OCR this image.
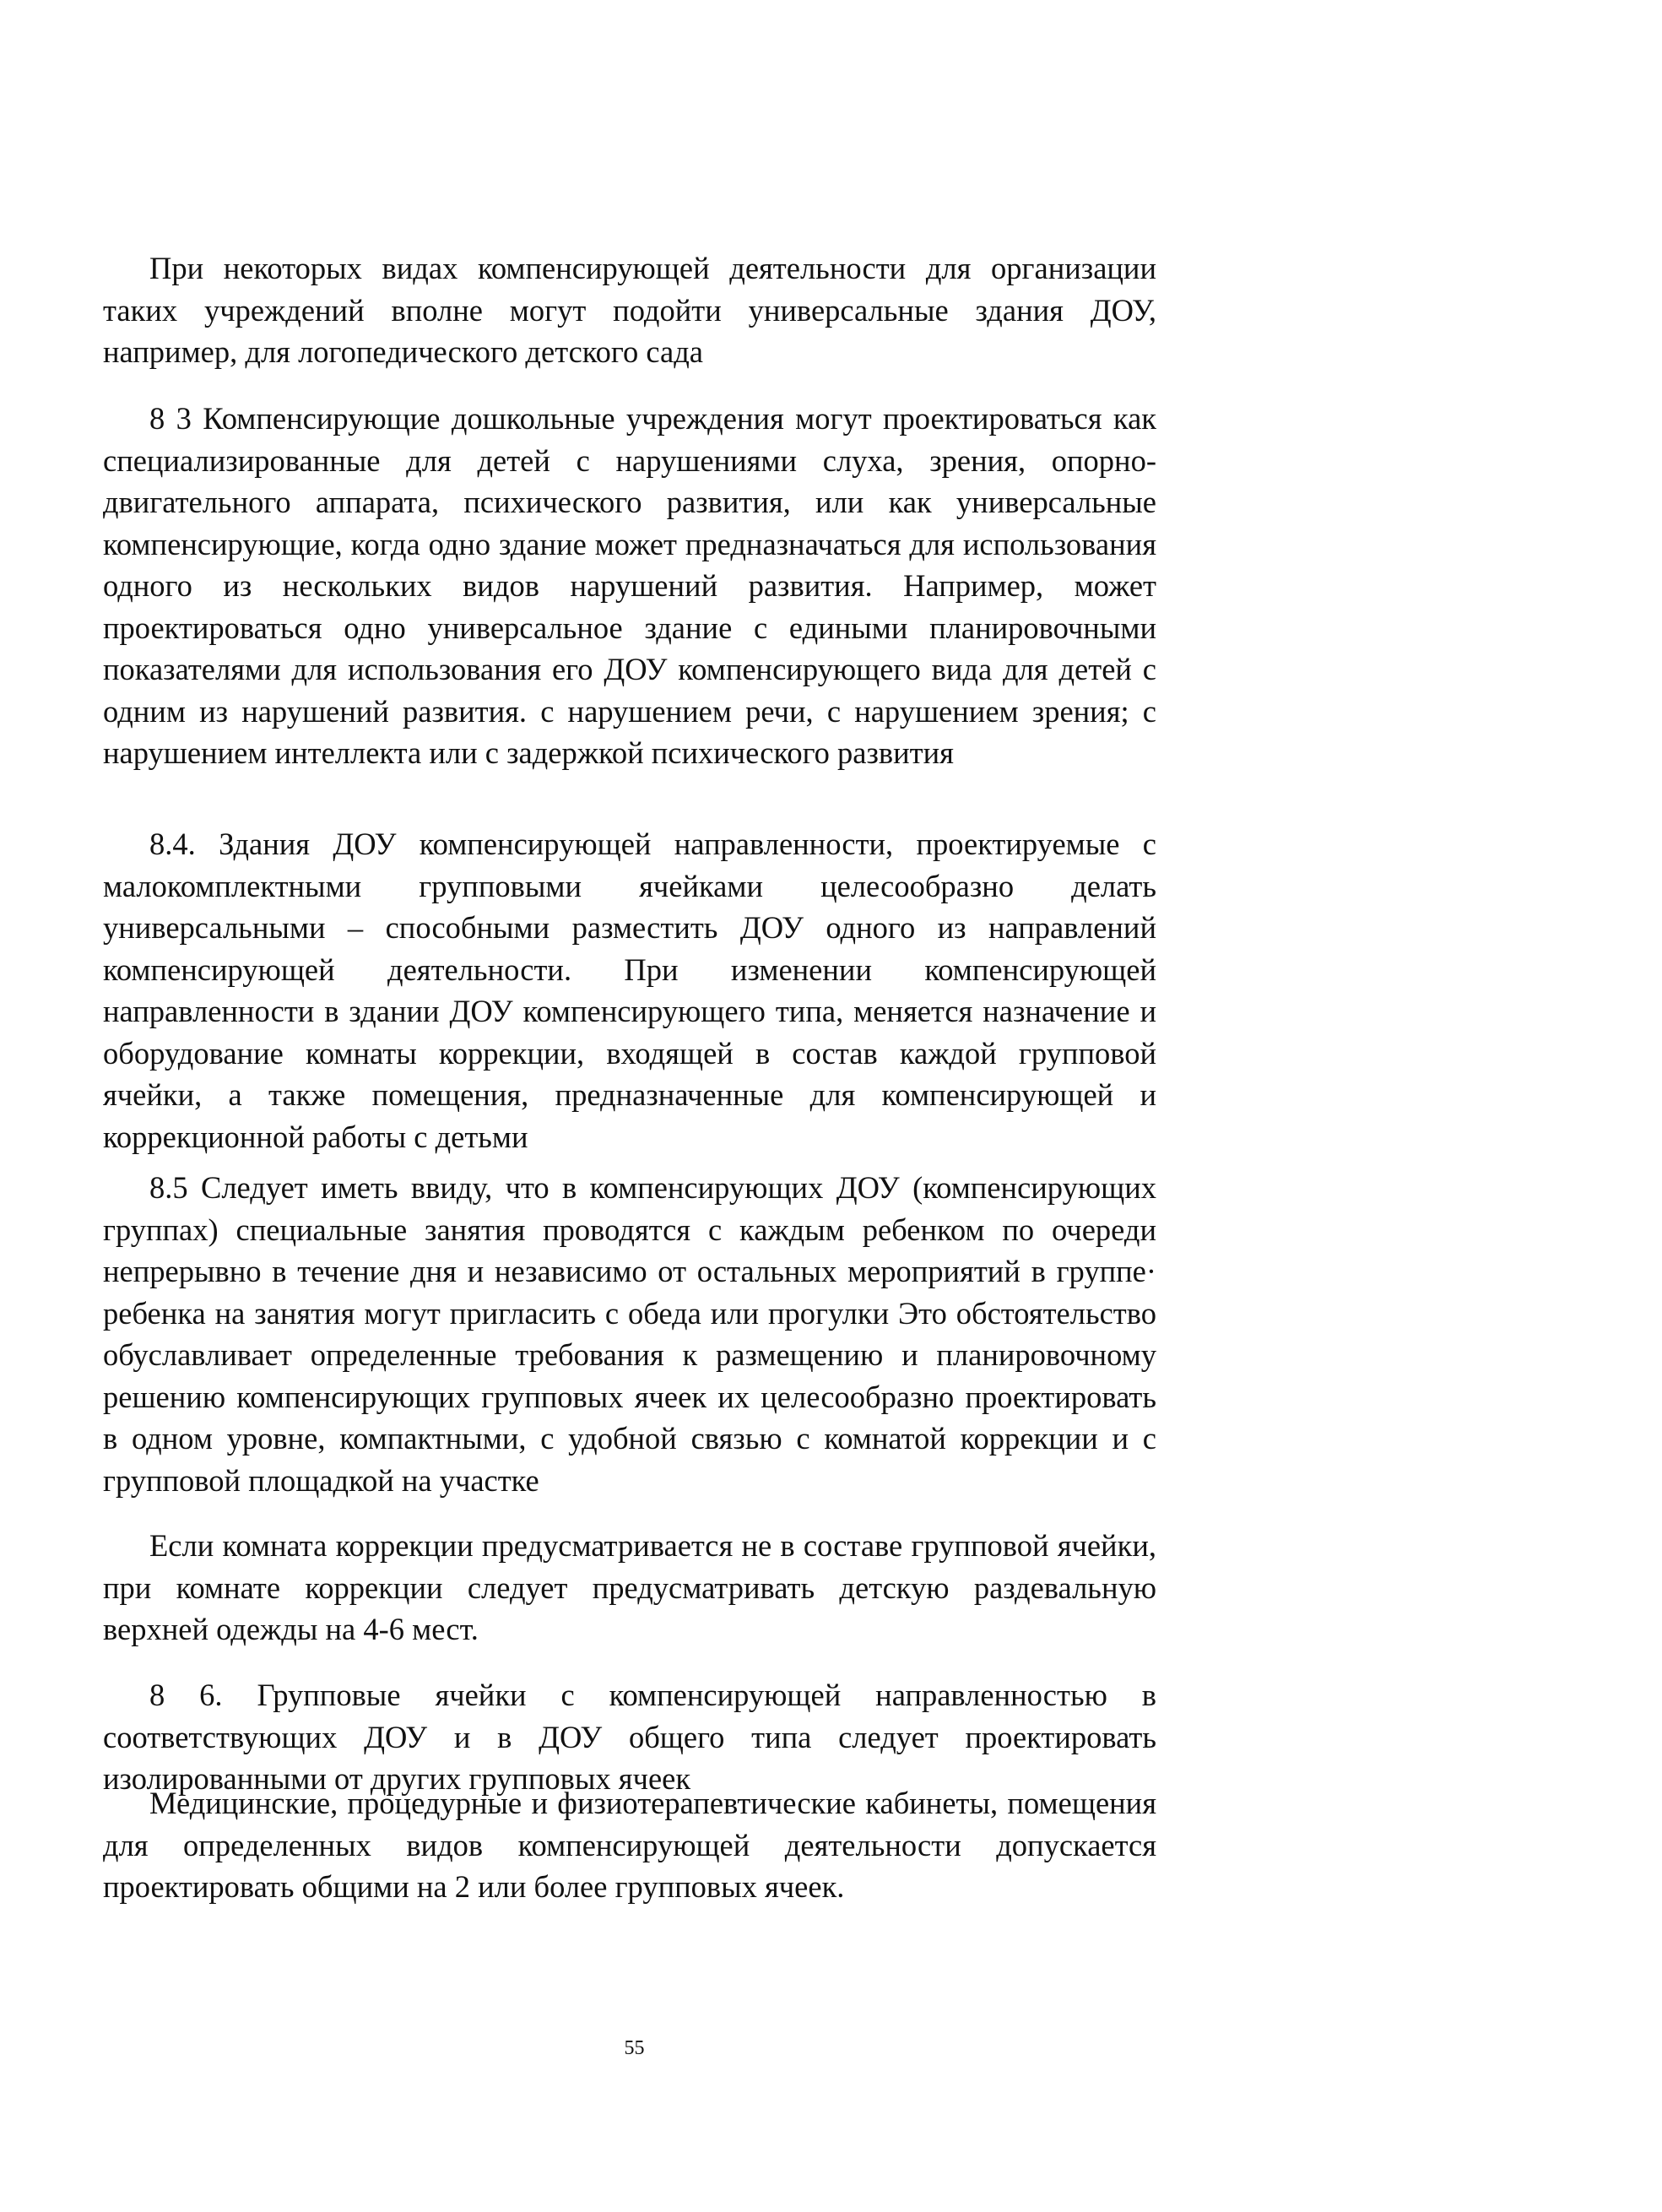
При некоторых видах компенсирующей деятельности для организации таких учреждений вполне могут подойти универсальные здания ДОУ, например, для логопедического детского сада

8 3 Компенсирующие дошкольные учреждения могут проектироваться как специализированные для детей с нарушениями слуха, зрения, опорно-двигательного аппарата, психического развития, или как универсальные компенсирующие, когда одно здание может предназначаться для использования одного из нескольких видов нарушений развития. Например, может проектироваться одно универсальное здание с едиными планировочными показателями для использования его ДОУ компенсирующего вида для детей с одним из нарушений развития. с нарушением речи, с нарушением зрения; с нарушением интеллекта или с задержкой психического развития

8.4. Здания ДОУ компенсирующей направленности, проектируемые с малокомплектными групповыми ячейками целесообразно делать универсальными – способными разместить ДОУ одного из направлений компенсирующей деятельности. При изменении компенсирующей направленности в здании ДОУ компенсирующего типа, меняется назначение и оборудование комнаты коррекции, входящей в состав каждой групповой ячейки, а также помещения, предназначенные для компенсирующей и коррекционной работы с детьми

8.5 Следует иметь ввиду, что в компенсирующих ДОУ (компенсирующих группах) специальные занятия проводятся с каждым ребенком по очереди непрерывно в течение дня и независимо от остальных мероприятий в группе· ребенка на занятия могут пригласить с обеда или прогулки Это обстоятельство обуславливает определенные требования к размещению и планировочному решению компенсирующих групповых ячеек их целесообразно проектировать в одном уровне, компактными, с удобной связью с комнатой коррекции и с групповой площадкой на участке

Если комната коррекции предусматривается не в составе групповой ячейки, при комнате коррекции следует предусматривать детскую раздевальную верхней одежды на 4-6 мест.

8 6. Групповые ячейки с компенсирующей направленностью в соответствующих ДОУ и в ДОУ общего типа следует проектировать изолированными от других групповых ячеек

Медицинские, процедурные и физиотерапевтические кабинеты, помещения для определенных видов компенсирующей деятельности допускается проектировать общими на 2 или более групповых ячеек.

55
